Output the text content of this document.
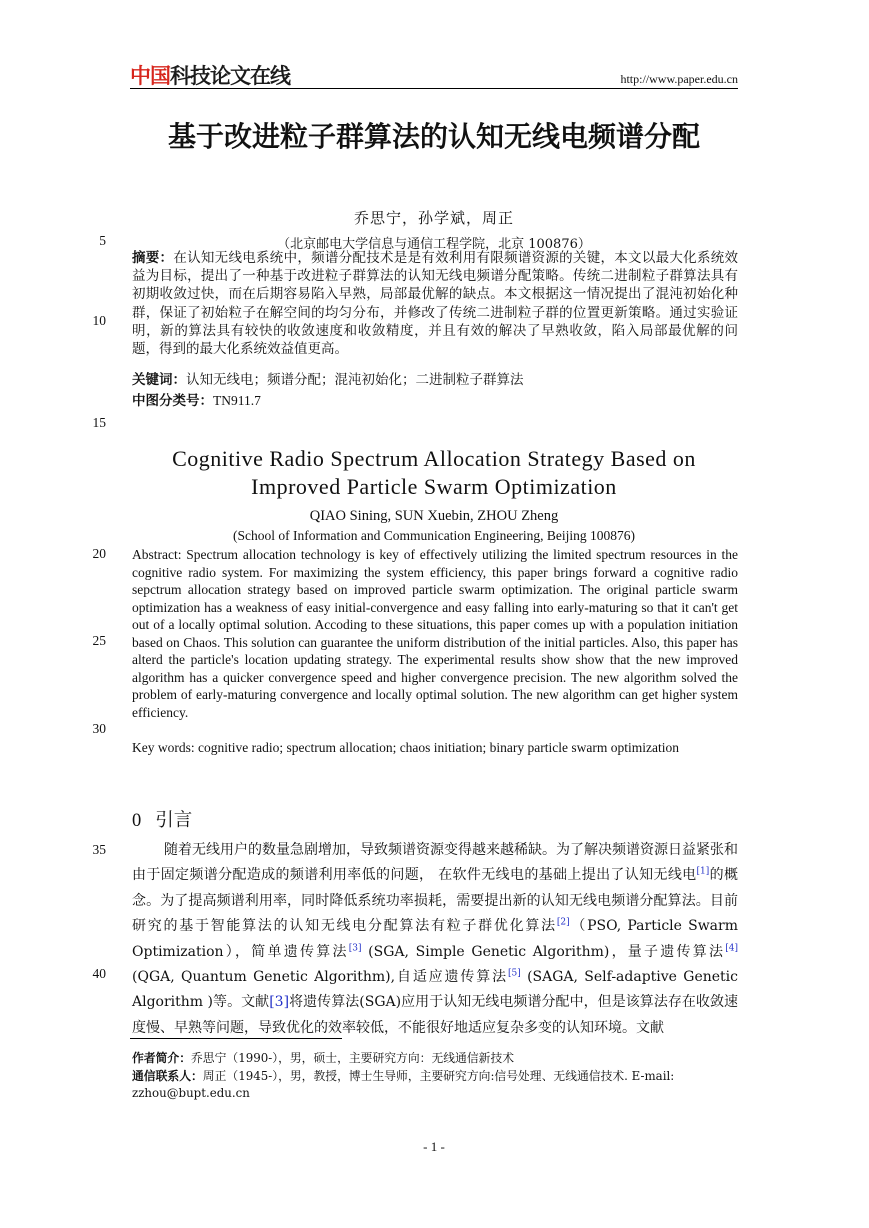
中国科技论文在线	http://www.paper.edu.cn
基于改进粒子群算法的认知无线电频谱分配
乔思宁，孙学斌，周正
（北京邮电大学信息与通信工程学院，北京 100876）
5
10
15
20
25
30
35
40
摘要：在认知无线电系统中，频谱分配技术是是有效利用有限频谱资源的关键，本文以最大化系统效益为目标，提出了一种基于改进粒子群算法的认知无线电频谱分配策略。传统二进制粒子群算法具有初期收敛过快，而在后期容易陷入早熟，局部最优解的缺点。本文根据这一情况提出了混沌初始化种群，保证了初始粒子在解空间的均匀分布，并修改了传统二进制粒子群的位置更新策略。通过实验证明，新的算法具有较快的收敛速度和收敛精度，并且有效的解决了早熟收敛，陷入局部最优解的问题，得到的最大化系统效益值更高。
关键词：认知无线电；频谱分配；混沌初始化；二进制粒子群算法
中图分类号：TN911.7
Cognitive Radio Spectrum Allocation Strategy Based on Improved Particle Swarm Optimization
QIAO Sining, SUN Xuebin, ZHOU Zheng
(School of Information and Communication Engineering, Beijing 100876)
Abstract: Spectrum allocation technology is key of effectively utilizing the limited spectrum resources in the cognitive radio system. For maximizing the system efficiency, this paper brings forward a cognitive radio sepctrum allocation strategy based on improved particle swarm optimization. The original particle swarm optimization has a weakness of easy initial-convergence and easy falling into early-maturing so that it can't get out of a locally optimal solution. Accoding to these situations, this paper comes up with a population initiation based on Chaos. This solution can guarantee the uniform distribution of the initial particles. Also, this paper has alterd the particle's location updating strategy. The experimental results show show that the new improved algorithm has a quicker convergence speed and higher convergence precision. The new algorithm solved the problem of early-maturing convergence and locally optimal solution. The new algorithm can get higher system efficiency.
Key words: cognitive radio; spectrum allocation; chaos initiation; binary particle swarm optimization
0 引言

随着无线用户的数量急剧增加，导致频谱资源变得越来越稀缺。为了解决频谱资源日益紧张和由于固定频谱分配造成的频谱利用率低的问题， 在软件无线电的基础上提出了认知无线电[1]的概念。为了提高频谱利用率，同时降低系统功率损耗，需要提出新的认知无线电频谱分配算法。目前研究的基于智能算法的认知无线电分配算法有粒子群优化算法[2]（PSO, Particle Swarm Optimization），简单遗传算法[3] (SGA, Simple Genetic Algorithm)，量子遗传算法[4] (QGA, Quantum Genetic Algorithm),自适应遗传算法[5] (SAGA, Self-adaptive Genetic Algorithm )等。文献[3]将遗传算法(SGA)应用于认知无线电频谱分配中，但是该算法存在收敛速度慢、早熟等问题，导致优化的效率较低，不能很好地适应复杂多变的认知环境。文献

作者简介：乔思宁（1990-），男，硕士，主要研究方向：无线通信新技术
通信联系人：周正（1945-），男，教授，博士生导师，主要研究方向:信号处理、无线通信技术. E-mail: zzhou@bupt.edu.cn
- 1 -
